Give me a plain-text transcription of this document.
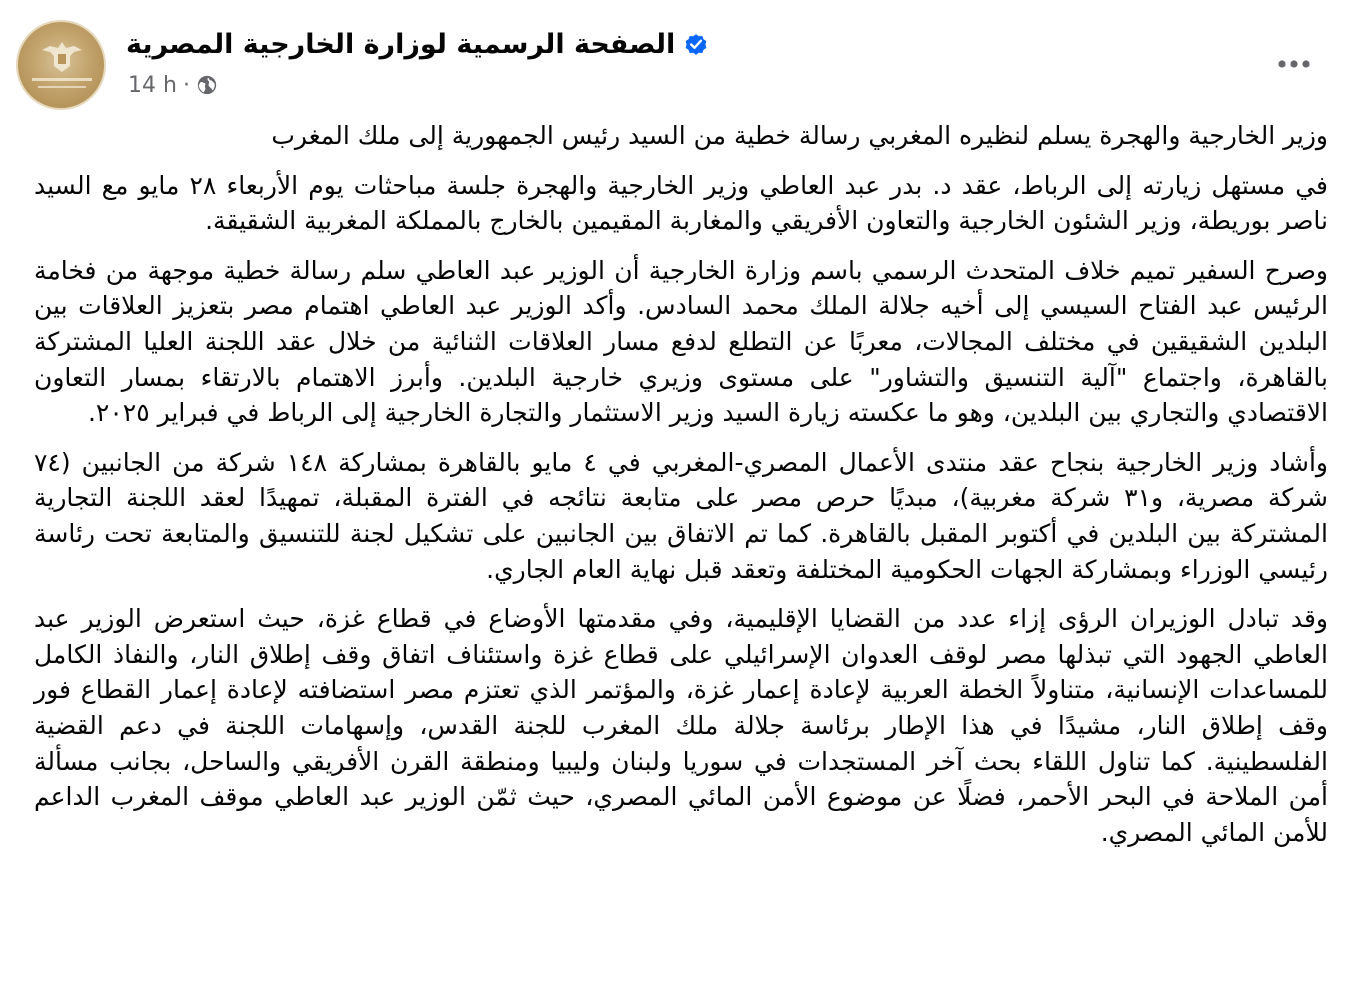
الصفحة الرسمية لوزارة الخارجية المصرية
14 h ·

وزير الخارجية والهجرة يسلم لنظيره المغربي رسالة خطية من السيد رئيس الجمهورية إلى ملك المغرب

في مستهل زيارته إلى الرباط، عقد د. بدر عبد العاطي وزير الخارجية والهجرة جلسة مباحثات يوم الأربعاء ٢٨ مايو مع السيد ناصر بوريطة، وزير الشئون الخارجية والتعاون الأفريقي والمغاربة المقيمين بالخارج بالمملكة المغربية الشقيقة.

وصرح السفير تميم خلاف المتحدث الرسمي باسم وزارة الخارجية أن الوزير عبد العاطي سلم رسالة خطية موجهة من فخامة الرئيس عبد الفتاح السيسي إلى أخيه جلالة الملك محمد السادس. وأكد الوزير عبد العاطي اهتمام مصر بتعزيز العلاقات بين البلدين الشقيقين في مختلف المجالات، معربًا عن التطلع لدفع مسار العلاقات الثنائية من خلال عقد اللجنة العليا المشتركة بالقاهرة، واجتماع "آلية التنسيق والتشاور" على مستوى وزيري خارجية البلدين. وأبرز الاهتمام بالارتقاء بمسار التعاون الاقتصادي والتجاري بين البلدين، وهو ما عكسته زيارة السيد وزير الاستثمار والتجارة الخارجية إلى الرباط في فبراير ٢٠٢٥.

وأشاد وزير الخارجية بنجاح عقد منتدى الأعمال المصري-المغربي في ٤ مايو بالقاهرة بمشاركة ١٤٨ شركة من الجانبين (٧٤ شركة مصرية، و٣١ شركة مغربية)، مبديًا حرص مصر على متابعة نتائجه في الفترة المقبلة، تمهيدًا لعقد اللجنة التجارية المشتركة بين البلدين في أكتوبر المقبل بالقاهرة. كما تم الاتفاق بين الجانبين على تشكيل لجنة للتنسيق والمتابعة تحت رئاسة رئيسي الوزراء وبمشاركة الجهات الحكومية المختلفة وتعقد قبل نهاية العام الجاري.

وقد تبادل الوزيران الرؤى إزاء عدد من القضايا الإقليمية، وفي مقدمتها الأوضاع في قطاع غزة، حيث استعرض الوزير عبد العاطي الجهود التي تبذلها مصر لوقف العدوان الإسرائيلي على قطاع غزة واستئناف اتفاق وقف إطلاق النار، والنفاذ الكامل للمساعدات الإنسانية، متناولاً الخطة العربية لإعادة إعمار غزة، والمؤتمر الذي تعتزم مصر استضافته لإعادة إعمار القطاع فور وقف إطلاق النار، مشيدًا في هذا الإطار برئاسة جلالة ملك المغرب للجنة القدس، وإسهامات اللجنة في دعم القضية الفلسطينية. كما تناول اللقاء بحث آخر المستجدات في سوريا ولبنان وليبيا ومنطقة القرن الأفريقي والساحل، بجانب مسألة أمن الملاحة في البحر الأحمر، فضلًا عن موضوع الأمن المائي المصري، حيث ثمّن الوزير عبد العاطي موقف المغرب الداعم للأمن المائي المصري.
